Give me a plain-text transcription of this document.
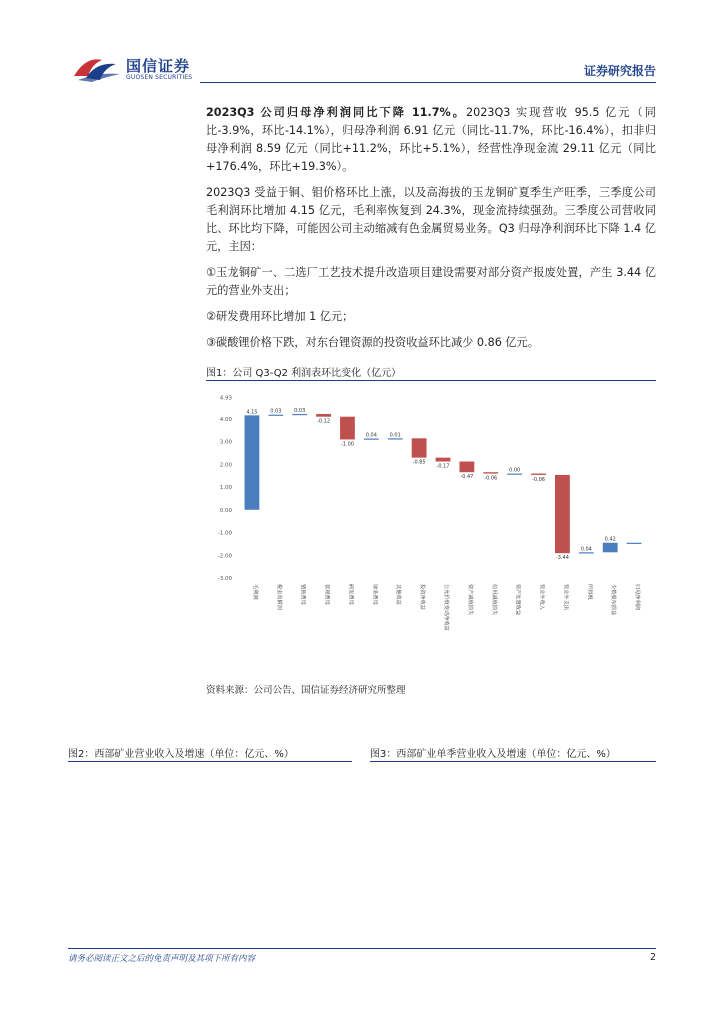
国信证券
GUOSEN SECURITIES	证券研究报告

2023Q3 公司归母净利润同比下降 11.7%。2023Q3 实现营收 95.5 亿元（同比-3.9%，环比-14.1%），归母净利润 6.91 亿元（同比-11.7%，环比-16.4%），扣非归母净利润 8.59 亿元（同比+11.2%，环比+5.1%），经营性净现金流 29.11 亿元（同比+176.4%，环比+19.3%）。

2023Q3 受益于铜、钼价格环比上涨，以及高海拔的玉龙铜矿夏季生产旺季，三季度公司毛利润环比增加 4.15 亿元，毛利率恢复到 24.3%，现金流持续强劲。三季度公司营收同比、环比均下降，可能因公司主动缩减有色金属贸易业务。Q3 归母净利润环比下降 1.4 亿元，主因：

①玉龙铜矿一、二选厂工艺技术提升改造项目建设需要对部分资产报废处置，产生 3.44 亿元的营业外支出；

②研发费用环比增加 1 亿元；

③碳酸锂价格下跌，对东台锂资源的投资收益环比减少 0.86 亿元。

图1：公司 Q3-Q2 利润表环比变化（亿元）
4.93
4.00
3.00
2.00
1.00
0.00
-1.00
-2.00
-3.00
4.15
毛利润
0.03
税金及附加
0.03
销售费用
-0.12
管理费用
-1.00
研发费用
0.04
财务费用
0.01
其他收益
-0.85
投资净收益
-0.17
公允价值变动净收益
-0.47
资产减值损失
-0.06
信用减值损失
0.00
资产处置收益
-0.06
营业外收入
-3.44
营业外支出
0.04
所得税
0.42
少数股东损益	归母净利润
资料来源：公司公告、国信证券经济研究所整理
图2：西部矿业营业收入及增速（单位：亿元、%）	图3：西部矿业单季营业收入及增速（单位：亿元、%）
请务必阅读正文之后的免责声明及其项下所有内容	2
